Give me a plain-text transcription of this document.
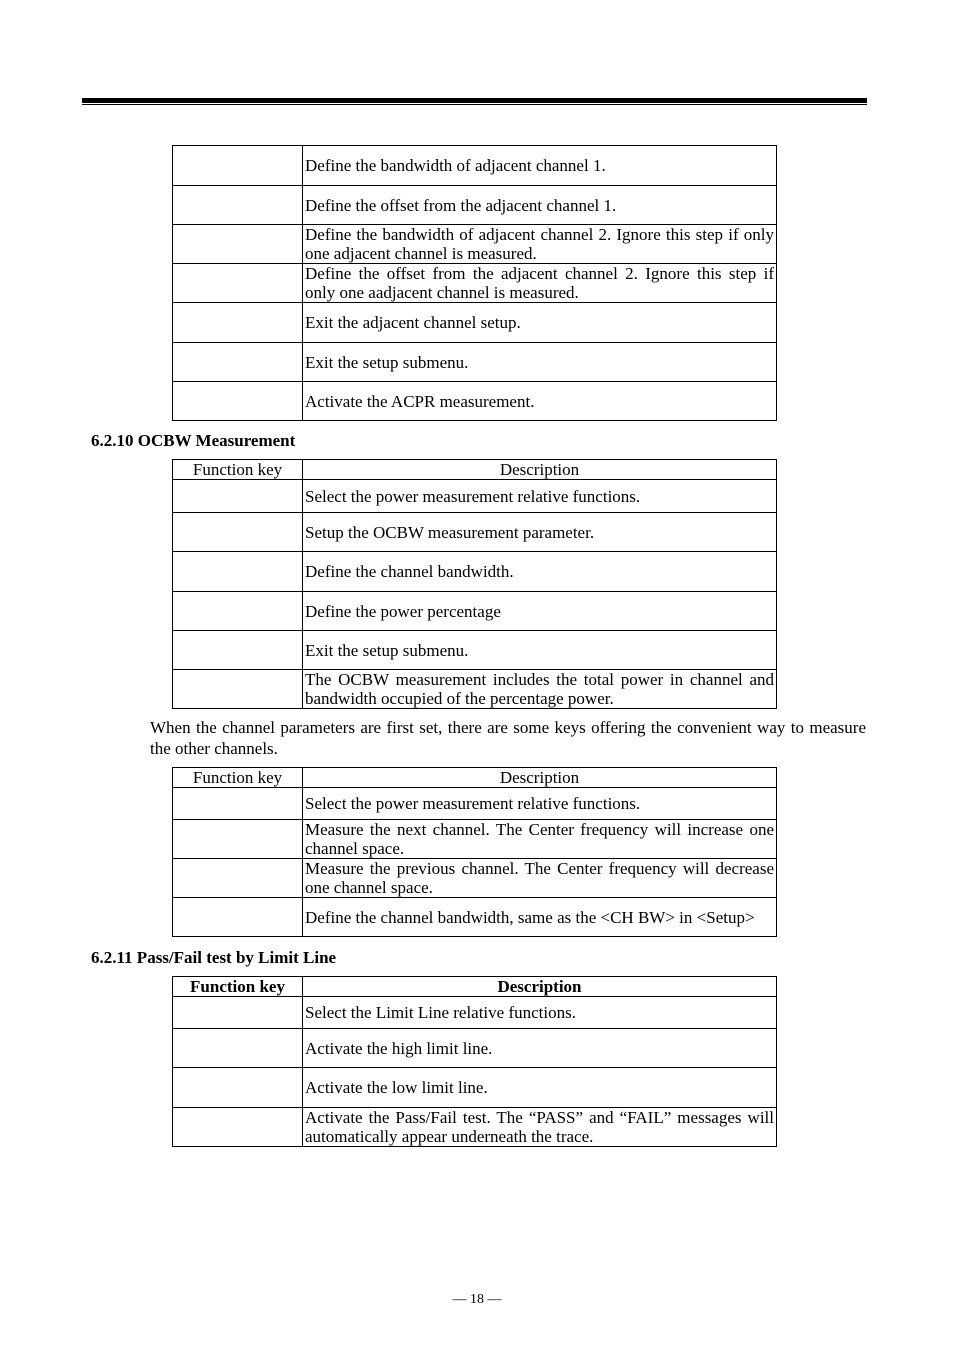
	Define the bandwidth of adjacent channel 1.
	Define the offset from the adjacent channel 1.
	Define the bandwidth of adjacent channel 2. Ignore this step if only one adjacent channel is measured.
	Define the offset from the adjacent channel 2. Ignore this step if only one aadjacent channel is measured.
	Exit the adjacent channel setup.
	Exit the setup submenu.
	Activate the ACPR measurement.
6.2.10 OCBW Measurement
Function key	Description
	Select the power measurement relative functions.
	Setup the OCBW measurement parameter.
	Define the channel bandwidth.
	Define the power percentage
	Exit the setup submenu.
	The OCBW measurement includes the total power in channel and bandwidth occupied of the percentage power.

When the channel parameters are first set, there are some keys offering the convenient way to measure the other channels.

Function key	Description
	Select the power measurement relative functions.
	Measure the next channel. The Center frequency will increase one channel space.
	Measure the previous channel. The Center frequency will decrease one channel space.
	Define the channel bandwidth, same as the <CH BW> in <Setup>
6.2.11 Pass/Fail test by Limit Line
Function key	Description
	Select the Limit Line relative functions.
	Activate the high limit line.
	Activate the low limit line.
	Activate the Pass/Fail test. The “PASS” and “FAIL” messages will automatically appear underneath the trace.
— 18 —
